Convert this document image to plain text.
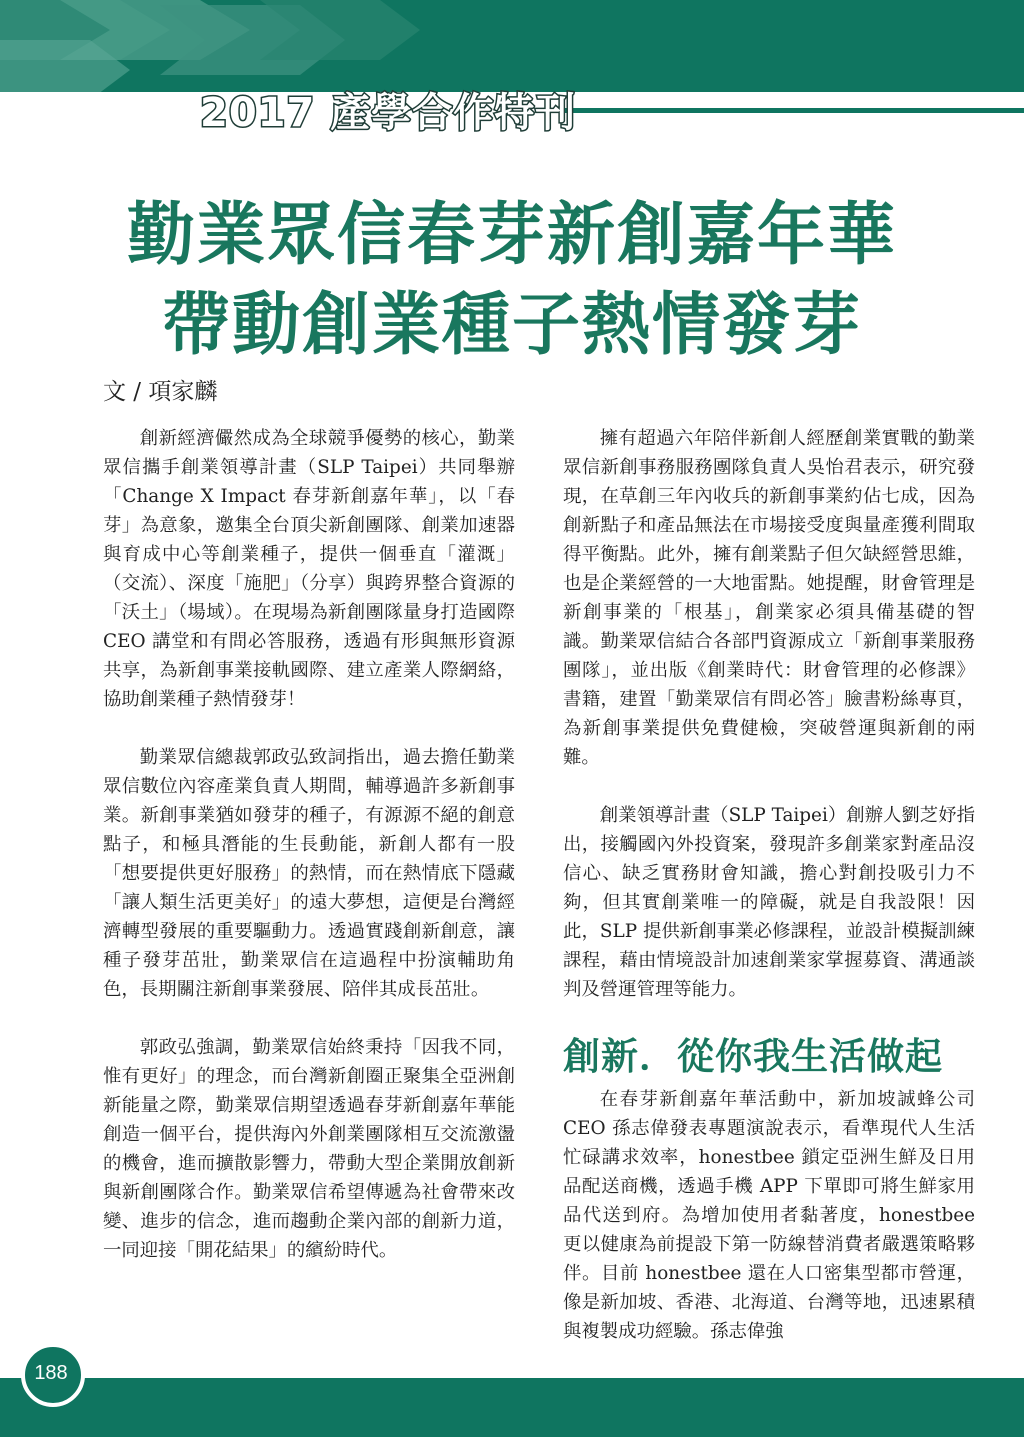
2017 產學合作特刊
勤業眾信春芽新創嘉年華
帶動創業種子熱情發芽
文 / 項家麟

創新經濟儼然成為全球競爭優勢的核心，勤業眾信攜手創業領導計畫（SLP Taipei）共同舉辦「Change X Impact 春芽新創嘉年華」，以「春芽」為意象，邀集全台頂尖新創團隊、創業加速器與育成中心等創業種子，提供一個垂直「灌溉」（交流）、深度「施肥」（分享）與跨界整合資源的「沃土」（場域）。在現場為新創團隊量身打造國際 CEO 講堂和有問必答服務，透過有形與無形資源共享，為新創事業接軌國際、建立產業人際網絡，協助創業種子熱情發芽！

勤業眾信總裁郭政弘致詞指出，過去擔任勤業眾信數位內容產業負責人期間，輔導過許多新創事業。新創事業猶如發芽的種子，有源源不絕的創意點子，和極具潛能的生長動能，新創人都有一股「想要提供更好服務」的熱情，而在熱情底下隱藏「讓人類生活更美好」的遠大夢想，這便是台灣經濟轉型發展的重要驅動力。透過實踐創新創意，讓種子發芽茁壯，勤業眾信在這過程中扮演輔助角色，長期關注新創事業發展、陪伴其成長茁壯。

郭政弘強調，勤業眾信始終秉持「因我不同，惟有更好」的理念，而台灣新創圈正聚集全亞洲創新能量之際，勤業眾信期望透過春芽新創嘉年華能創造一個平台，提供海內外創業團隊相互交流激盪的機會，進而擴散影響力，帶動大型企業開放創新與新創團隊合作。勤業眾信希望傳遞為社會帶來改變、進步的信念，進而趨動企業內部的創新力道，一同迎接「開花結果」的繽紛時代。

擁有超過六年陪伴新創人經歷創業實戰的勤業眾信新創事務服務團隊負責人吳怡君表示，研究發現，在草創三年內收兵的新創事業約佔七成，因為創新點子和產品無法在市場接受度與量產獲利間取得平衡點。此外，擁有創業點子但欠缺經營思維，也是企業經營的一大地雷點。她提醒，財會管理是新創事業的「根基」，創業家必須具備基礎的智識。勤業眾信結合各部門資源成立「新創事業服務團隊」，並出版《創業時代：財會管理的必修課》書籍，建置「勤業眾信有問必答」臉書粉絲專頁，為新創事業提供免費健檢，突破營運與新創的兩難。

創業領導計畫（SLP Taipei）創辦人劉芝妤指出，接觸國內外投資案，發現許多創業家對產品沒信心、缺乏實務財會知識，擔心對創投吸引力不夠，但其實創業唯一的障礙，就是自我設限！因此，SLP 提供新創事業必修課程，並設計模擬訓練課程，藉由情境設計加速創業家掌握募資、溝通談判及營運管理等能力。

創新．從你我生活做起

在春芽新創嘉年華活動中，新加坡誠蜂公司 CEO 孫志偉發表專題演說表示，看準現代人生活忙碌講求效率，honestbee 鎖定亞洲生鮮及日用品配送商機，透過手機 APP 下單即可將生鮮家用品代送到府。為增加使用者黏著度，honestbee 更以健康為前提設下第一防線替消費者嚴選策略夥伴。目前 honestbee 還在人口密集型都市營運，像是新加坡、香港、北海道、台灣等地，迅速累積與複製成功經驗。孫志偉強

188
